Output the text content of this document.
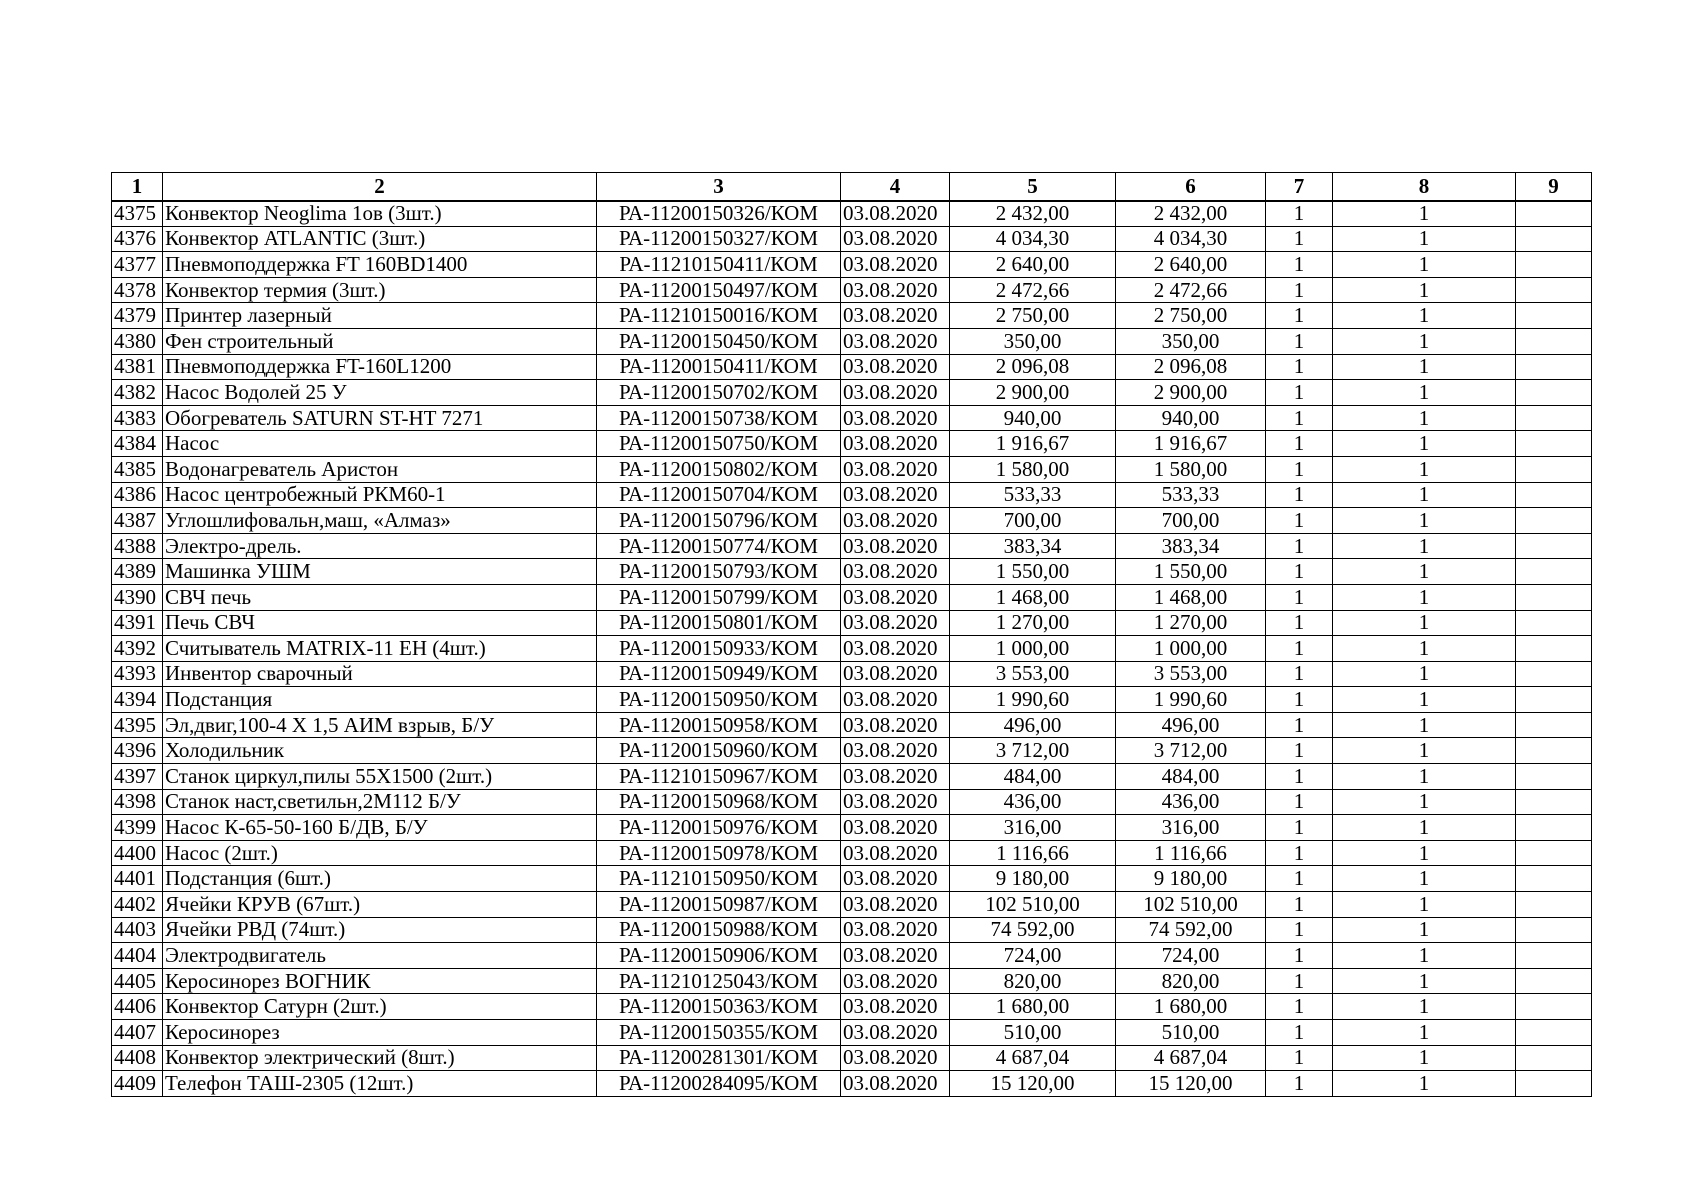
1	2	3	4	5	6	7	8	9
4375	Конвектор Neoglima 1ов (3шт.)	РА-11200150326/КОМ	03.08.2020	2 432,00	2 432,00	1	1	
4376	Конвектор ATLANTIC (3шт.)	РА-11200150327/КОМ	03.08.2020	4 034,30	4 034,30	1	1	
4377	Пневмоподдержка FT 160BD1400	РА-11210150411/КОМ	03.08.2020	2 640,00	2 640,00	1	1	
4378	Конвектор термия (3шт.)	РА-11200150497/КОМ	03.08.2020	2 472,66	2 472,66	1	1	
4379	Принтер лазерный	РА-11210150016/КОМ	03.08.2020	2 750,00	2 750,00	1	1	
4380	Фен строительный	РА-11200150450/КОМ	03.08.2020	350,00	350,00	1	1	
4381	Пневмоподдержка FT-160L1200	РА-11200150411/КОМ	03.08.2020	2 096,08	2 096,08	1	1	
4382	Насос Водолей 25 У	РА-11200150702/КОМ	03.08.2020	2 900,00	2 900,00	1	1	
4383	Обогреватель SATURN ST-HT 7271	РА-11200150738/КОМ	03.08.2020	940,00	940,00	1	1	
4384	Насос	РА-11200150750/КОМ	03.08.2020	1 916,67	1 916,67	1	1	
4385	Водонагреватель Аристон	РА-11200150802/КОМ	03.08.2020	1 580,00	1 580,00	1	1	
4386	Насос центробежный РКМ60-1	РА-11200150704/КОМ	03.08.2020	533,33	533,33	1	1	
4387	Углошлифовальн,маш, «Алмаз»	РА-11200150796/КОМ	03.08.2020	700,00	700,00	1	1	
4388	Электро-дрель.	РА-11200150774/КОМ	03.08.2020	383,34	383,34	1	1	
4389	Машинка УШМ	РА-11200150793/КОМ	03.08.2020	1 550,00	1 550,00	1	1	
4390	СВЧ печь	РА-11200150799/КОМ	03.08.2020	1 468,00	1 468,00	1	1	
4391	Печь СВЧ	РА-11200150801/КОМ	03.08.2020	1 270,00	1 270,00	1	1	
4392	Считыватель MATRIX-11 EH (4шт.)	РА-11200150933/КОМ	03.08.2020	1 000,00	1 000,00	1	1	
4393	Инвентор сварочный	РА-11200150949/КОМ	03.08.2020	3 553,00	3 553,00	1	1	
4394	Подстанция	РА-11200150950/КОМ	03.08.2020	1 990,60	1 990,60	1	1	
4395	Эл,двиг,100-4 Х 1,5 АИМ взрыв, Б/У	РА-11200150958/КОМ	03.08.2020	496,00	496,00	1	1	
4396	Холодильник	РА-11200150960/КОМ	03.08.2020	3 712,00	3 712,00	1	1	
4397	Станок циркул,пилы 55Х1500 (2шт.)	РА-11210150967/КОМ	03.08.2020	484,00	484,00	1	1	
4398	Станок наст,светильн,2М112 Б/У	РА-11200150968/КОМ	03.08.2020	436,00	436,00	1	1	
4399	Насос К-65-50-160 Б/ДВ, Б/У	РА-11200150976/КОМ	03.08.2020	316,00	316,00	1	1	
4400	Насос (2шт.)	РА-11200150978/КОМ	03.08.2020	1 116,66	1 116,66	1	1	
4401	Подстанция (6шт.)	РА-11210150950/КОМ	03.08.2020	9 180,00	9 180,00	1	1	
4402	Ячейки КРУВ (67шт.)	РА-11200150987/КОМ	03.08.2020	102 510,00	102 510,00	1	1	
4403	Ячейки РВД (74шт.)	РА-11200150988/КОМ	03.08.2020	74 592,00	74 592,00	1	1	
4404	Электродвигатель	РА-11200150906/КОМ	03.08.2020	724,00	724,00	1	1	
4405	Керосинорез ВОГНИК	РА-11210125043/КОМ	03.08.2020	820,00	820,00	1	1	
4406	Конвектор Сатурн (2шт.)	РА-11200150363/КОМ	03.08.2020	1 680,00	1 680,00	1	1	
4407	Керосинорез	РА-11200150355/КОМ	03.08.2020	510,00	510,00	1	1	
4408	Конвектор электрический (8шт.)	РА-11200281301/КОМ	03.08.2020	4 687,04	4 687,04	1	1	
4409	Телефон ТАШ-2305 (12шт.)	РА-11200284095/КОМ	03.08.2020	15 120,00	15 120,00	1	1	
